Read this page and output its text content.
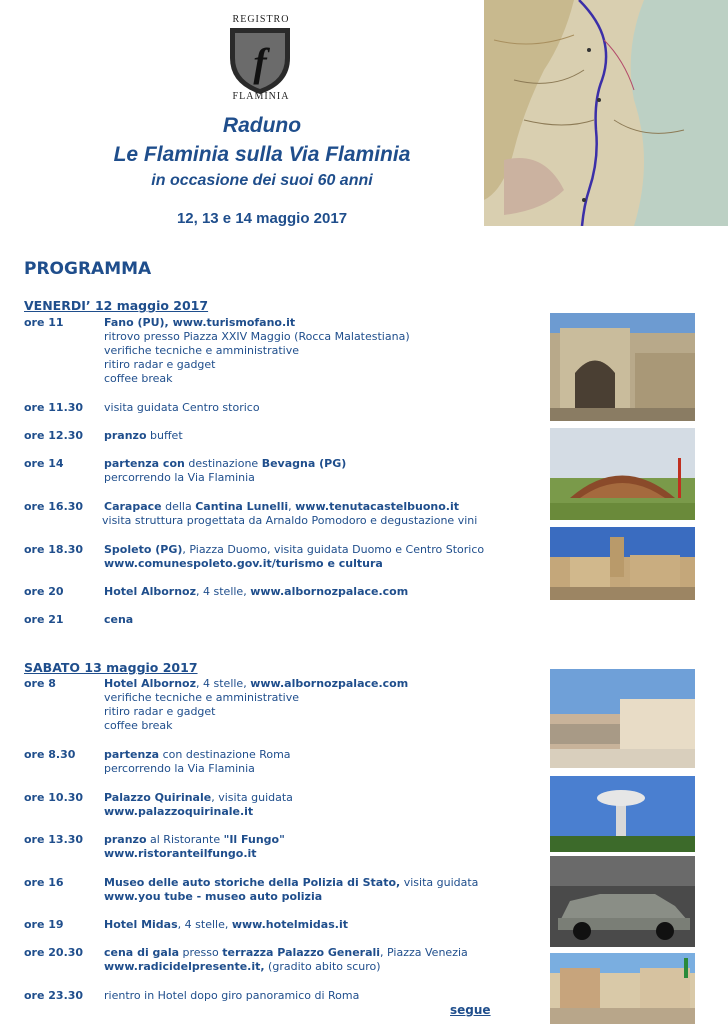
f
REGISTRO
FLAMINIA
Raduno
Le Flaminia sulla Via Flaminia
in occasione dei suoi 60 anni
12, 13 e 14 maggio 2017
PROGRAMMA
VENERDI’ 12 maggio 2017
ore 11	Fano (PU), www.turismofano.it
ritrovo presso Piazza XXIV Maggio (Rocca Malatestiana)
verifiche tecniche e amministrative
ritiro radar e gadget
coffee break
ore 11.30 visita guidata Centro storico
ore 12.30 pranzo buffet
ore 14	partenza con destinazione Bevagna (PG)
percorrendo la Via Flaminia
ore 16.30 Carapace della Cantina Lunelli, www.tenutacastelbuono.it
visita struttura progettata da Arnaldo Pomodoro e degustazione vini
ore 18.30 Spoleto (PG), Piazza Duomo, visita guidata Duomo e Centro Storico
www.comunespoleto.gov.it/turismo e cultura
ore 20	Hotel Albornoz, 4 stelle, www.albornozpalace.com
ore 21	cena
SABATO 13 maggio 2017
ore 8	Hotel Albornoz, 4 stelle, www.albornozpalace.com
verifiche tecniche e amministrative
ritiro radar e gadget
coffee break
ore 8.30	partenza con destinazione Roma
percorrendo la Via Flaminia
ore 10.30 Palazzo Quirinale, visita guidata
www.palazzoquirinale.it
ore 13.30 pranzo al Ristorante "Il Fungo"
www.ristoranteilfungo.it
ore 16	Museo delle auto storiche della Polizia di Stato, visita guidata
www.you tube - museo auto polizia
ore 19	Hotel Midas, 4 stelle, www.hotelmidas.it
ore 20.30 cena di gala presso terrazza Palazzo Generali, Piazza Venezia
www.radicidelpresente.it, (gradito abito scuro)
ore 23.30 rientro in Hotel dopo giro panoramico di Roma
segue
